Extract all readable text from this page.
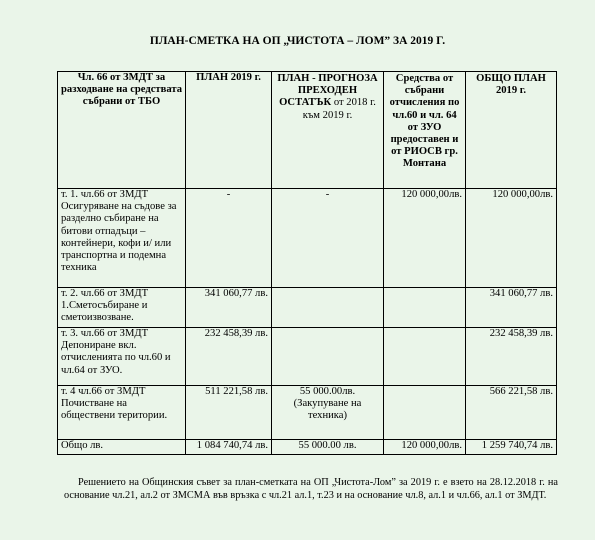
ПЛАН-СМЕТКА НА ОП „ЧИСТОТА – ЛОМ” ЗА 2019 Г.
Чл. 66 от ЗМДТ за разходване на средствата събрани от ТБО	ПЛАН 2019 г.	ПЛАН - ПРОГНОЗА ПРЕХОДЕН ОСТАТЪК от 2018 г. към 2019 г.	Средства от събрани отчисления по чл.60 и чл. 64 от ЗУО предоставен и от РИОСВ гр. Монтана	ОБЩО ПЛАН 2019 г.
т. 1. чл.66 от ЗМДТ Осигуряване на съдове за разделно събиране на битови отпадъци – контейнери, кофи и/ или транспортна и подемна техника	-	-	120 000,00лв.	120 000,00лв.
т. 2. чл.66 от ЗМДТ 1.Сметосъбиране и сметоизвозване.	341 060,77 лв.			341 060,77 лв.
т. 3. чл.66 от ЗМДТ Депониране вкл. отчисленията по чл.60 и чл.64 от ЗУО.	232 458,39 лв.			232 458,39 лв.
т. 4 чл.66 от ЗМДТ Почистване на обществени територии.	511 221,58 лв.	55 000.00лв. (Закупуване на техника)		566 221,58 лв.
Общо лв.	1 084 740,74 лв.	55 000.00 лв.	120 000,00лв.	1 259 740,74 лв.

Решението на Общинския съвет за план-сметката на ОП „Чистота-Лом” за 2019 г. е взето на 28.12.2018 г. на основание чл.21, ал.2 от ЗМСМА във връзка с чл.21 ал.1, т.23 и на основание чл.8, ал.1 и чл.66, ал.1 от ЗМДТ.
